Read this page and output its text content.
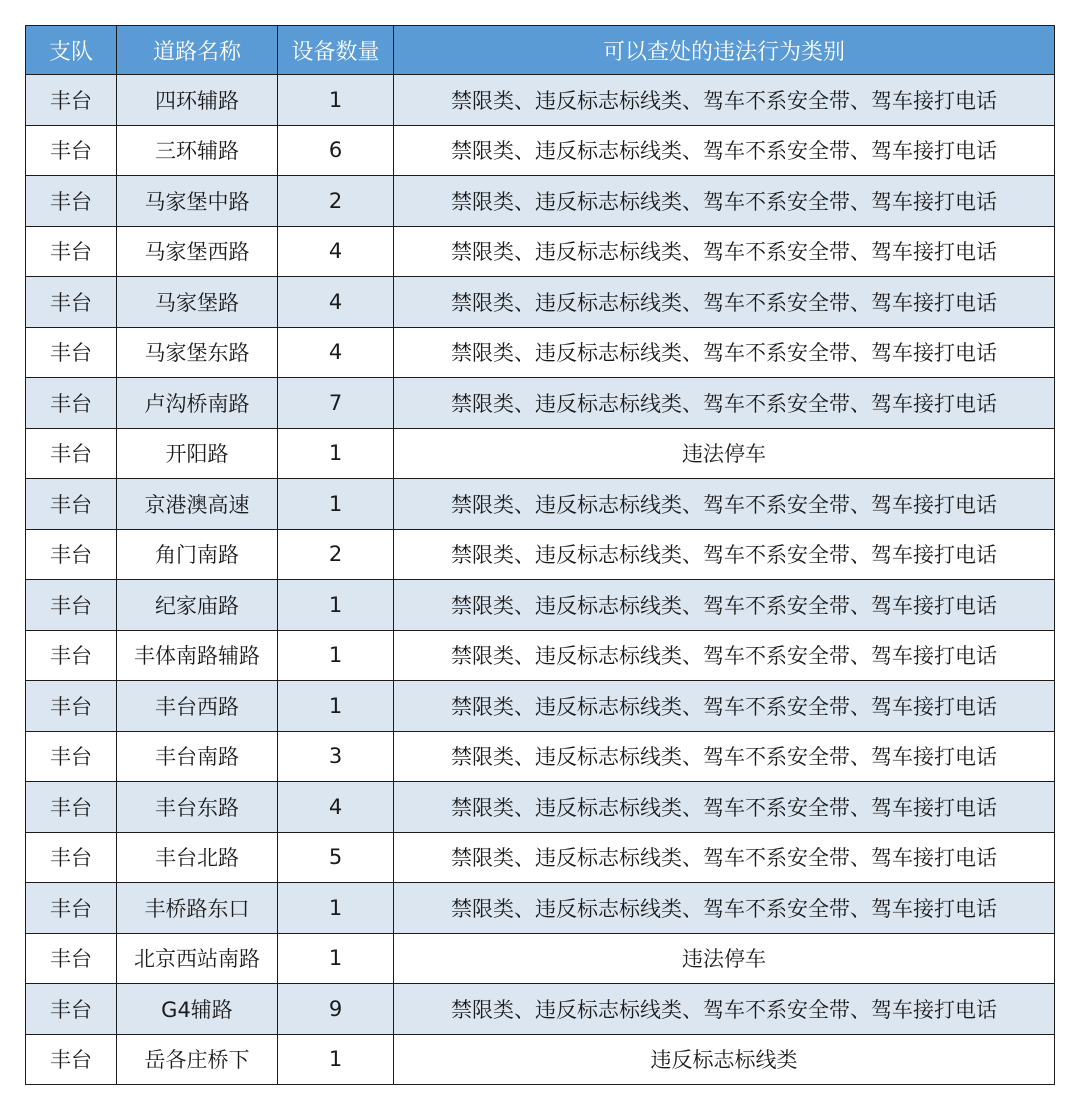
支队	道路名称	设备数量	可以查处的违法行为类别
丰台	四环辅路	1	禁限类、违反标志标线类、驾车不系安全带、驾车接打电话
丰台	三环辅路	6	禁限类、违反标志标线类、驾车不系安全带、驾车接打电话
丰台	马家堡中路	2	禁限类、违反标志标线类、驾车不系安全带、驾车接打电话
丰台	马家堡西路	4	禁限类、违反标志标线类、驾车不系安全带、驾车接打电话
丰台	马家堡路	4	禁限类、违反标志标线类、驾车不系安全带、驾车接打电话
丰台	马家堡东路	4	禁限类、违反标志标线类、驾车不系安全带、驾车接打电话
丰台	卢沟桥南路	7	禁限类、违反标志标线类、驾车不系安全带、驾车接打电话
丰台	开阳路	1	违法停车
丰台	京港澳高速	1	禁限类、违反标志标线类、驾车不系安全带、驾车接打电话
丰台	角门南路	2	禁限类、违反标志标线类、驾车不系安全带、驾车接打电话
丰台	纪家庙路	1	禁限类、违反标志标线类、驾车不系安全带、驾车接打电话
丰台	丰体南路辅路	1	禁限类、违反标志标线类、驾车不系安全带、驾车接打电话
丰台	丰台西路	1	禁限类、违反标志标线类、驾车不系安全带、驾车接打电话
丰台	丰台南路	3	禁限类、违反标志标线类、驾车不系安全带、驾车接打电话
丰台	丰台东路	4	禁限类、违反标志标线类、驾车不系安全带、驾车接打电话
丰台	丰台北路	5	禁限类、违反标志标线类、驾车不系安全带、驾车接打电话
丰台	丰桥路东口	1	禁限类、违反标志标线类、驾车不系安全带、驾车接打电话
丰台	北京西站南路	1	违法停车
丰台	G4辅路	9	禁限类、违反标志标线类、驾车不系安全带、驾车接打电话
丰台	岳各庄桥下	1	违反标志标线类
